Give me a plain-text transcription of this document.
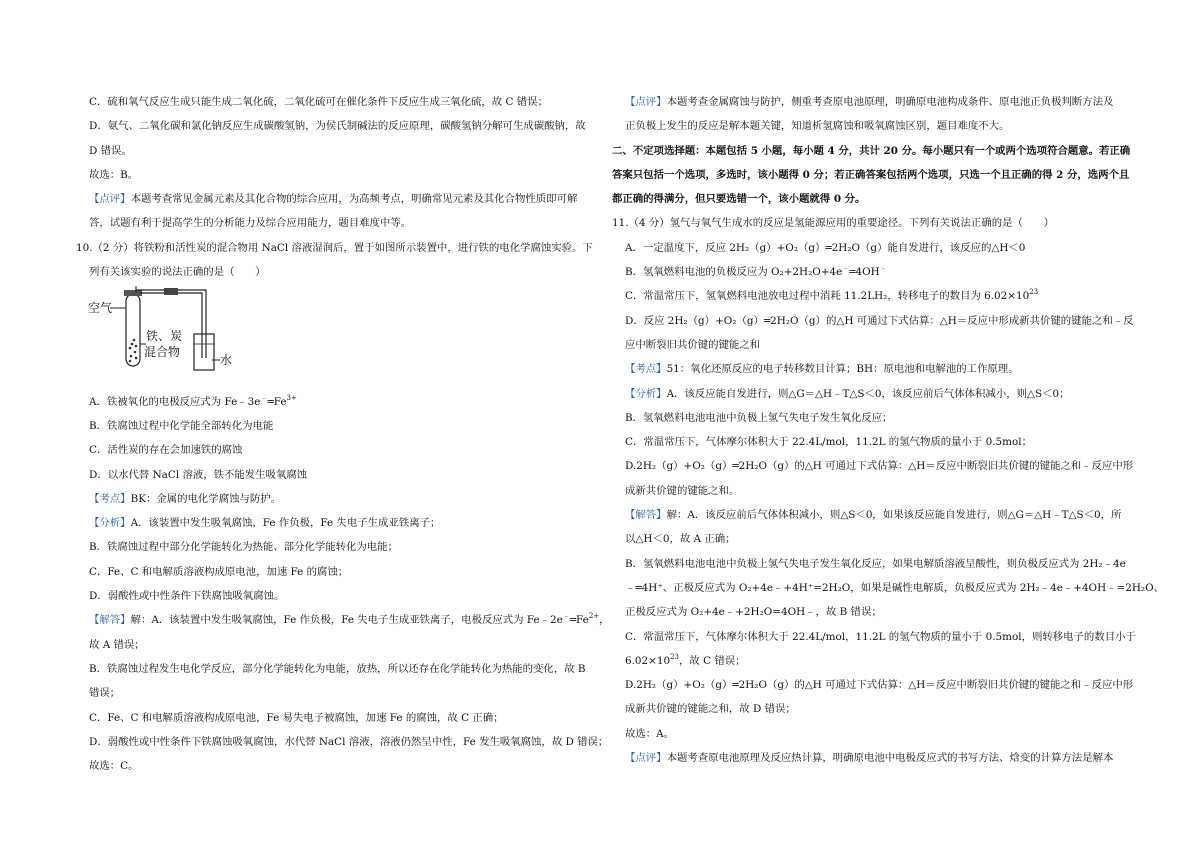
C．硫和氧气反应生成只能生成二氧化硫，二氧化硫可在催化条件下反应生成三氧化硫，故 C 错误；
D．氨气、二氧化碳和氯化钠反应生成碳酸氢钠，为侯氏制碱法的反应原理，碳酸氢钠分解可生成碳酸钠，故
D 错误。
故选：B。
【点评】本题考查常见金属元素及其化合物的综合应用，为高频考点，明确常见元素及其化合物性质即可解
答，试题有利于提高学生的分析能力及综合应用能力，题目难度中等。
10.（2 分）将铁粉和活性炭的混合物用 NaCl 溶液湿润后，置于如图所示装置中，进行铁的电化学腐蚀实验。下
列有关该实验的说法正确的是（　　）
空气
铁、炭
混合物
水
A．铁被氧化的电极反应式为 $Fe﹣3e^﹣═Fe^{3+}$
B．铁腐蚀过程中化学能全部转化为电能
C．活性炭的存在会加速铁的腐蚀
D．以水代替 NaCl 溶液，铁不能发生吸氧腐蚀
【考点】BK：金属的电化学腐蚀与防护。
【分析】A．该装置中发生吸氧腐蚀，Fe 作负极，Fe 失电子生成亚铁离子；
B．铁腐蚀过程中部分化学能转化为热能、部分化学能转化为电能；
C．Fe、C 和电解质溶液构成原电池，加速 Fe 的腐蚀；
D．弱酸性或中性条件下铁腐蚀吸氧腐蚀。
【解答】解：A．该装置中发生吸氧腐蚀，Fe 作负极，Fe 失电子生成亚铁离子，电极反应式为 $Fe﹣2e^﹣═Fe^{2+}$，
故 A 错误；
B．铁腐蚀过程发生电化学反应，部分化学能转化为电能，放热，所以还存在化学能转化为热能的变化，故 B
错误；
C．Fe、C 和电解质溶液构成原电池，Fe 易失电子被腐蚀，加速 Fe 的腐蚀，故 C 正确；
D．弱酸性或中性条件下铁腐蚀吸氧腐蚀，水代替 NaCl 溶液，溶液仍然呈中性，Fe 发生吸氧腐蚀，故 D 错误；
故选：C。
【点评】本题考查金属腐蚀与防护，侧重考查原电池原理，明确原电池构成条件、原电池正负极判断方法及
正负极上发生的反应是解本题关键，知道析氢腐蚀和吸氧腐蚀区别，题目难度不大。
二、不定项选择题：本题包括 5 小题，每小题 4 分，共计 20 分。每小题只有一个或两个选项符合题意。若正确
答案只包括一个选项，多选时，该小题得 0 分；若正确答案包括两个选项，只选一个且正确的得 2 分，选两个且
都正确的得满分，但只要选错一个，该小题就得 0 分。
11.（4 分）氢气与氧气生成水的反应是氢能源应用的重要途径。下列有关说法正确的是（　　）
A．一定温度下，反应 2H₂（g）+O₂（g）═2H₂O（g）能自发进行，该反应的△H＜0
B．氢氧燃料电池的负极反应为 O₂+2H₂O+4e﹣═4OH﹣
C．常温常压下，氢氧燃料电池放电过程中消耗 11.2LH₂，转移电子的数目为 $6.02\times 10^{23}$
D．反应 2H₂（g）+O₂（g）═2H₂O（g）的△H 可通过下式估算：△H＝反应中形成新共价键的键能之和﹣反
应中断裂旧共价键的键能之和
【考点】51：氧化还原反应的电子转移数目计算；BH：原电池和电解池的工作原理。
【分析】A．该反应能自发进行，则△G＝△H﹣T△S＜0，该反应前后气体体积减小，则△S＜0；
B．氢氧燃料电池电池中负极上氢气失电子发生氧化反应；
C．常温常压下，气体摩尔体积大于 22.4L/mol，11.2L 的氢气物质的量小于 0.5mol；
D.2H₂（g）+O₂（g）═2H₂O（g）的△H 可通过下式估算：△H＝反应中断裂旧共价键的键能之和﹣反应中形
成新共价键的键能之和。
【解答】解：A．该反应前后气体体积减小，则△S＜0，如果该反应能自发进行，则△G＝△H﹣T△S＜0，所
以△H＜0，故 A 正确；
B．氢氧燃料电池电池中负极上氢气失电子发生氧化反应，如果电解质溶液呈酸性，则负极反应式为 2H₂﹣4e
﹣═4H⁺、正极反应式为 O₂+4e﹣+4H⁺=2H₂O，如果是碱性电解质，负极反应式为 2H₂﹣4e﹣+4OH﹣=2H₂O、
正极反应式为 O₂+4e﹣+2H₂O=4OH﹣，故 B 错误；
C．常温常压下，气体摩尔体积大于 22.4L/mol，11.2L 的氢气物质的量小于 0.5mol，则转移电子的数目小于
$6.02\times 10^{23}$，故 C 错误；
D.2H₂（g）+O₂（g）═2H₂O（g）的△H 可通过下式估算：△H＝反应中断裂旧共价键的键能之和﹣反应中形
成新共价键的键能之和，故 D 错误；
故选：A。
【点评】本题考查原电池原理及反应热计算，明确原电池中电极反应式的书写方法、焓变的计算方法是解本
